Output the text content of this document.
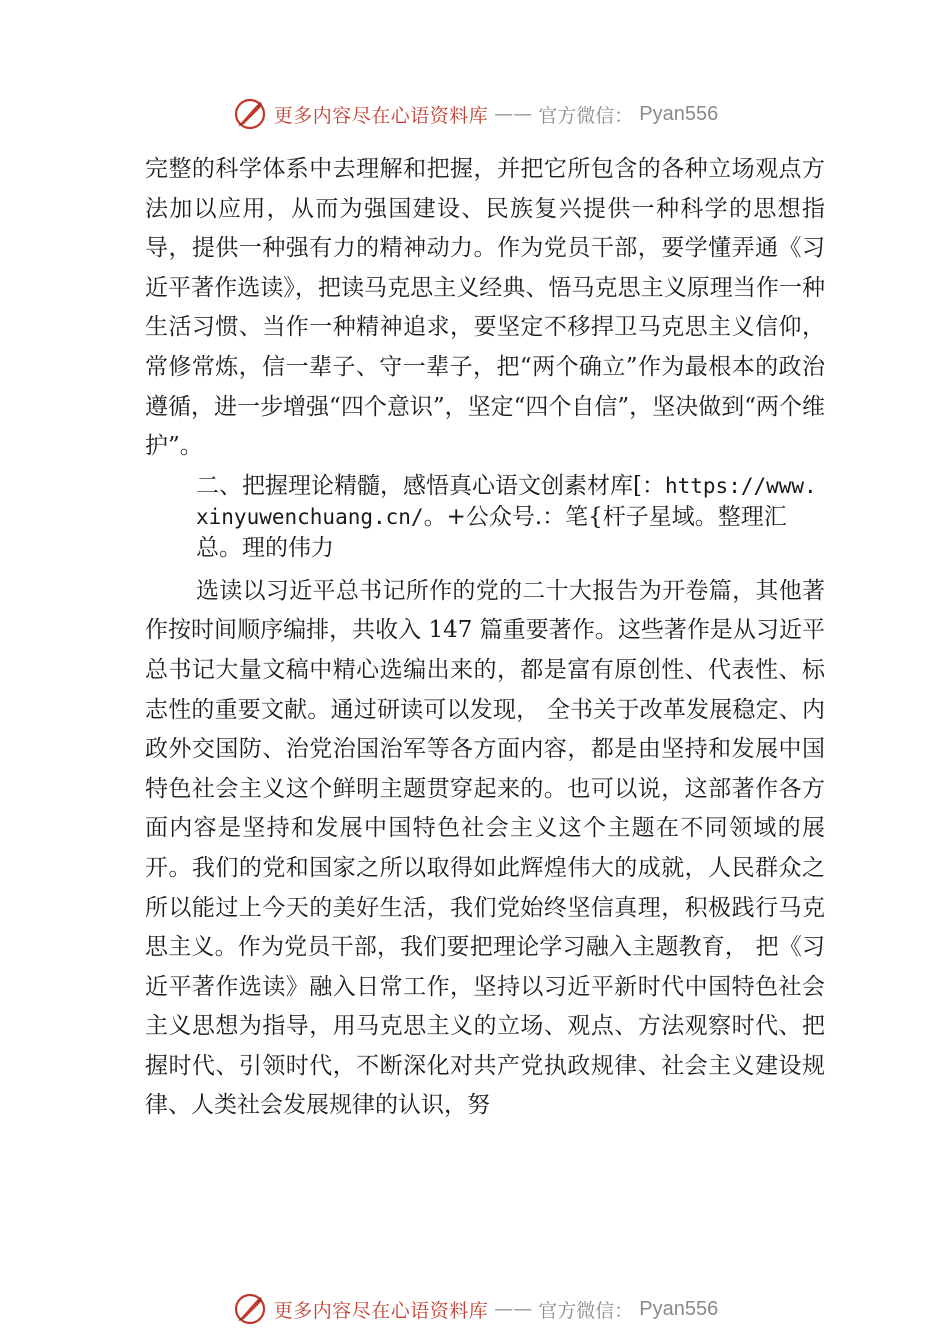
更多内容尽在心语资料库 —— 官方微信： Pyan556

完整的科学体系中去理解和把握，并把它所包含的各种立场观点方法加以应用，从而为强国建设、民族复兴提供一种科学的思想指导，提供一种强有力的精神动力。作为党员干部，要学懂弄通《习近平著作选读》，把读马克思主义经典、悟马克思主义原理当作一种生活习惯、当作一种精神追求，要坚定不移捍卫马克思主义信仰，常修常炼，信一辈子、守一辈子，把“两个确立”作为最根本的政治遵循，进一步增强“四个意识”，坚定“四个自信”，坚决做到“两个维护”。

二、把握理论精髓，感悟真心语文创素材库[：https://www.xinyuwenchuang.cn/。+公众号.：笔{杆子星域。整理汇总。理的伟力

选读以习近平总书记所作的党的二十大报告为开卷篇，其他著作按时间顺序编排，共收入 147 篇重要著作。这些著作是从习近平总书记大量文稿中精心选编出来的，都是富有原创性、代表性、标志性的重要文献。通过研读可以发现， 全书关于改革发展稳定、内政外交国防、治党治国治军等各方面内容，都是由坚持和发展中国特色社会主义这个鲜明主题贯穿起来的。也可以说，这部著作各方面内容是坚持和发展中国特色社会主义这个主题在不同领域的展开。我们的党和国家之所以取得如此辉煌伟大的成就，人民群众之所以能过上今天的美好生活，我们党始终坚信真理，积极践行马克思主义。作为党员干部，我们要把理论学习融入主题教育， 把《习近平著作选读》融入日常工作，坚持以习近平新时代中国特色社会主义思想为指导，用马克思主义的立场、观点、方法观察时代、把握时代、引领时代，不断深化对共产党执政规律、社会主义建设规律、人类社会发展规律的认识，努

更多内容尽在心语资料库 —— 官方微信： Pyan556
